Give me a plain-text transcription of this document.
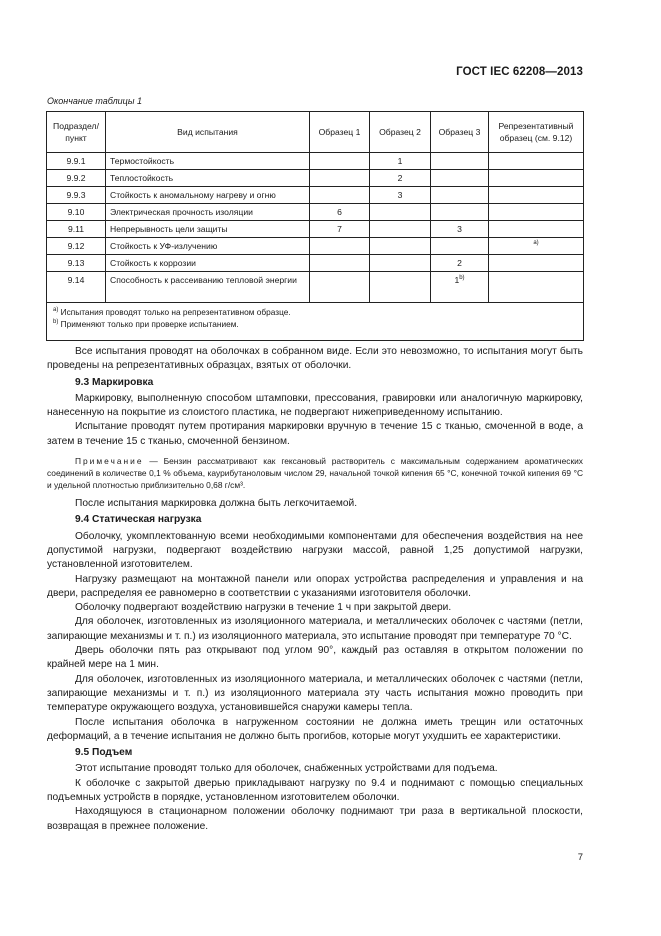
ГОСТ IEC 62208—2013
Окончание таблицы 1
Подраздел/ пункт	Вид испытания	Образец 1	Образец 2	Образец 3	Репрезентативный образец (см. 9.12)
9.9.1	Термостойкость		1		
9.9.2	Теплостойкость		2		
9.9.3	Стойкость к аномальному нагреву и огню		3		
9.10	Электрическая прочность изоляции	6			
9.11	Непрерывность цели защиты	7		3	
9.12	Стойкость к УФ-излучению				$^{a)}$
9.13	Стойкость к коррозии			2	
9.14	Способность к рассеиванию тепловой энергии			1$^{b)}$	

$^{a)}$ Испытания проводят только на репрезентативном образце.
$^{b)}$ Применяют только при проверке испытанием.					

Все испытания проводят на оболочках в собранном виде. Если это невозможно, то испытания могут быть проведены на репрезентативных образцах, взятых от оболочки.

9.3 Маркировка

Маркировку, выполненную способом штамповки, прессования, гравировки или аналогичную маркировку, нанесенную на покрытие из слоистого пластика, не подвергают нижеприведенному испытанию.

Испытание проводят путем протирания маркировки вручную в течение 15 с тканью, смоченной в воде, а затем в течение 15 с тканью, смоченной бензином.

Примечание — Бензин рассматривают как гексановый растворитель с максимальным содержанием ароматических соединений в количестве 0,1 % объема, каурибутаноловым числом 29, начальной точкой кипения 65 °С, конечной точкой кипения 69 °С и удельной плотностью приблизительно 0,68 г/см³.

После испытания маркировка должна быть легкочитаемой.

9.4 Статическая нагрузка

Оболочку, укомплектованную всеми необходимыми компонентами для обеспечения воздействия на нее допустимой нагрузки, подвергают воздействию нагрузки массой, равной 1,25 допустимой нагрузки, установленной изготовителем.

Нагрузку размещают на монтажной панели или опорах устройства распределения и управления и на двери, распределяя ее равномерно в соответствии с указаниями изготовителя оболочки.

Оболочку подвергают воздействию нагрузки в течение 1 ч при закрытой двери.

Для оболочек, изготовленных из изоляционного материала, и металлических оболочек с частями (петли, запирающие механизмы и т. п.) из изоляционного материала, это испытание проводят при температуре 70 °С.

Дверь оболочки пять раз открывают под углом 90°, каждый раз оставляя в открытом положении по крайней мере на 1 мин.

Для оболочек, изготовленных из изоляционного материала, и металлических оболочек с частями (петли, запирающие механизмы и т. п.) из изоляционного материала эту часть испытания можно проводить при температуре окружающего воздуха, установившейся снаружи камеры тепла.

После испытания оболочка в нагруженном состоянии не должна иметь трещин или остаточных деформаций, а в течение испытания не должно быть прогибов, которые могут ухудшить ее характеристики.

9.5 Подъем

Этот испытание проводят только для оболочек, снабженных устройствами для подъема.

К оболочке с закрытой дверью прикладывают нагрузку по 9.4 и поднимают с помощью специальных подъемных устройств в порядке, установленном изготовителем оболочки.

Находящуюся в стационарном положении оболочку поднимают три раза в вертикальной плоскости, возвращая в прежнее положение.

7
